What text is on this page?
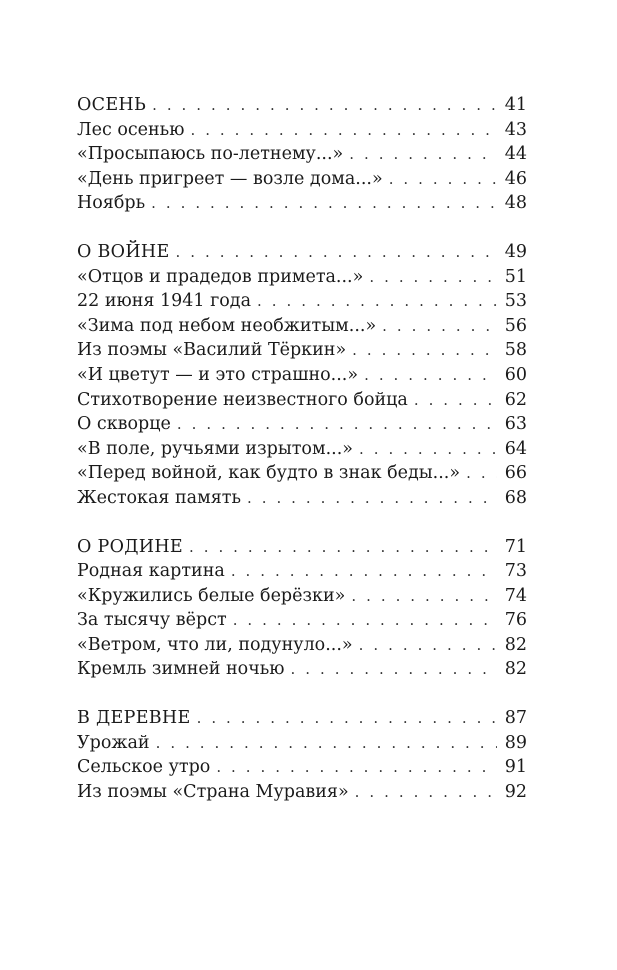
ОСЕНЬ . . .	41
Лес осенью . . .	43
«Просыпаюсь по-летнему...» . . .	44
«День пригреет — возле дома...» . . .	46
Ноябрь . . .	48
О ВОЙНЕ . . .	49
«Отцов и прадедов примета...» . . .	51
22 июня 1941 года . . .	53
«Зима под небом необжитым...» . . .	56
Из поэмы «Василий Тёркин» . . .	58
«И цветут — и это страшно...» . . .	60
Стихотворение неизвестного бойца . . .	62
О скворце . . .	63
«В поле, ручьями изрытом...» . . .	64
«Перед войной, как будто в знак беды...» . . .	66
Жестокая память . . .	68
О РОДИНЕ . . .	71
Родная картина . . .	73
«Кружились белые берёзки» . . .	74
За тысячу вёрст . . .	76
«Ветром, что ли, подунуло...» . . .	82
Кремль зимней ночью . . .	82
В ДЕРЕВНЕ . . .	87
Урожай . . .	89
Сельское утро . . .	91
Из поэмы «Страна Муравия» . . .	92
